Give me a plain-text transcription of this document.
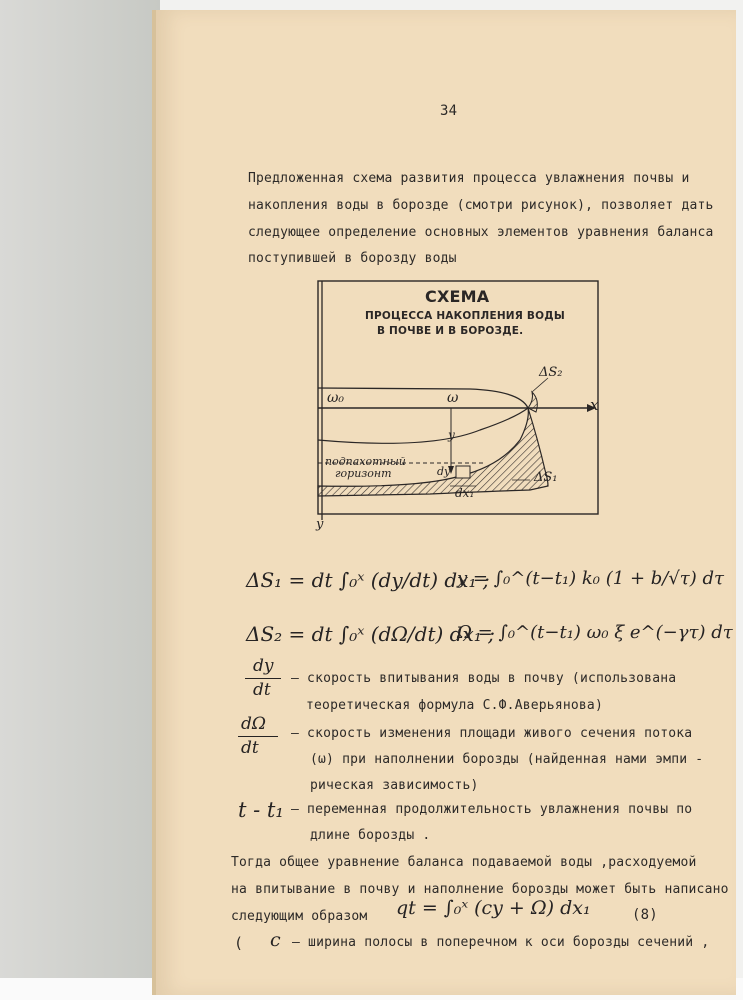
34
Предложенная схема развития процесса увлажнения почвы и
накопления воды в борозде (смотри рисунок), позволяет дать
следующее определение основных элементов уравнения баланса
поступившей в борозду воды
СХЕМА
ПРОЦЕССА НАКОПЛЕНИЯ ВОДЫ
В ПОЧВЕ И В БОРОЗДЕ.
ΔS₂
x
ω₀	ω
y
подпахотный
горизонт	dy
dx₁
ΔS₁
y
ΔS₁ = dt ∫₀ˣ (dy/dt) dx₁ ;
y = ∫₀^(t−t₁) k₀ (1 + b/√τ) dτ
ΔS₂ = dt ∫₀ˣ (dΩ/dt) dx₁ ;
Ω = ∫₀^(t−t₁) ω₀ ξ e^(−γτ) dτ
dy
dt
– скорость впитывания воды в почву (использована
теоретическая формула С.Ф.Аверьянова)
dΩ
dt
– скорость изменения площади живого сечения потока
(ω) при наполнении борозды (найденная нами эмпи -
рическая зависимость)
t - t₁ – переменная продолжительность увлажнения почвы по
длине борозды .
Тогда общее уравнение баланса подаваемой воды ,расходуемой
на впитывание в почву и наполнение борозды может быть написано
следующим образом qt = ∫₀ˣ (cy + Ω) dx₁	(8)
( c – ширина полосы в поперечном к оси борозды сечений ,
